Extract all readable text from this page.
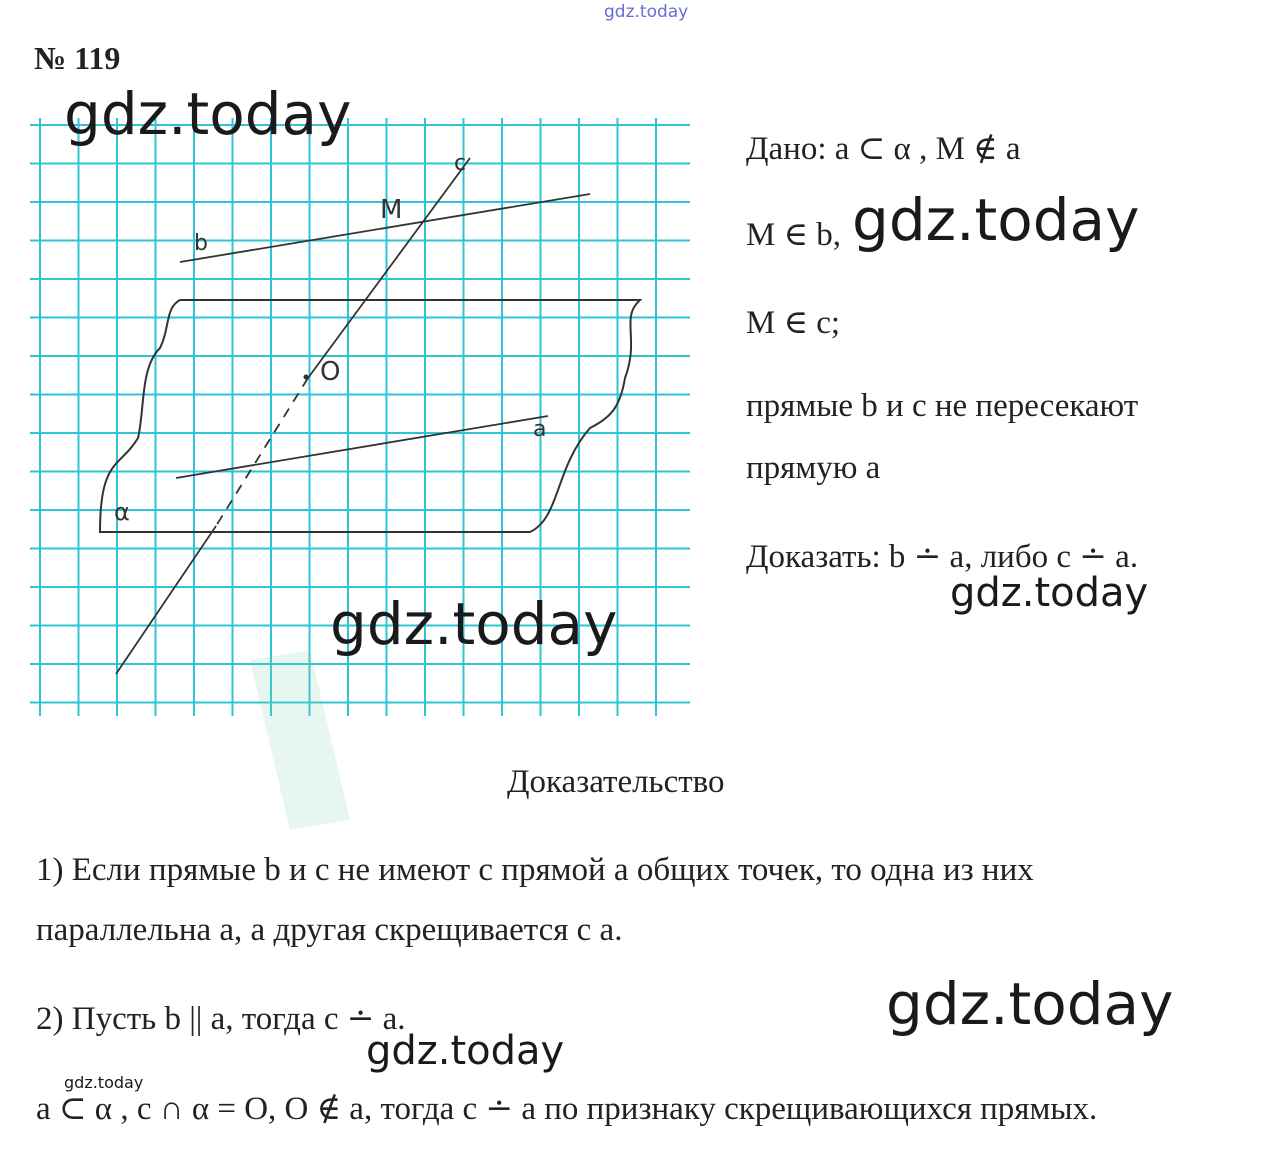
gdz.today
№ 119
c
M
b
O
a
α
gdz.today
gdz.today
gdz.today	gdz.today
gdz.today
gdz.today
gdz.today
Дано: a ⊂ α , M ∉ a
M ∈ b,
M ∈ c;
прямые b и c не пересекают
прямую a
Доказать: b ∸ a, либо c ∸ a.
Доказательство
1) Если прямые b и c не имеют с прямой a общих точек, то одна из них
параллельна a, а другая скрещивается с a.
2) Пусть b || a, тогда c ∸ a.
a ⊂ α , c ∩ α = O, O ∉ a, тогда c ∸ a по признаку скрещивающихся прямых.
